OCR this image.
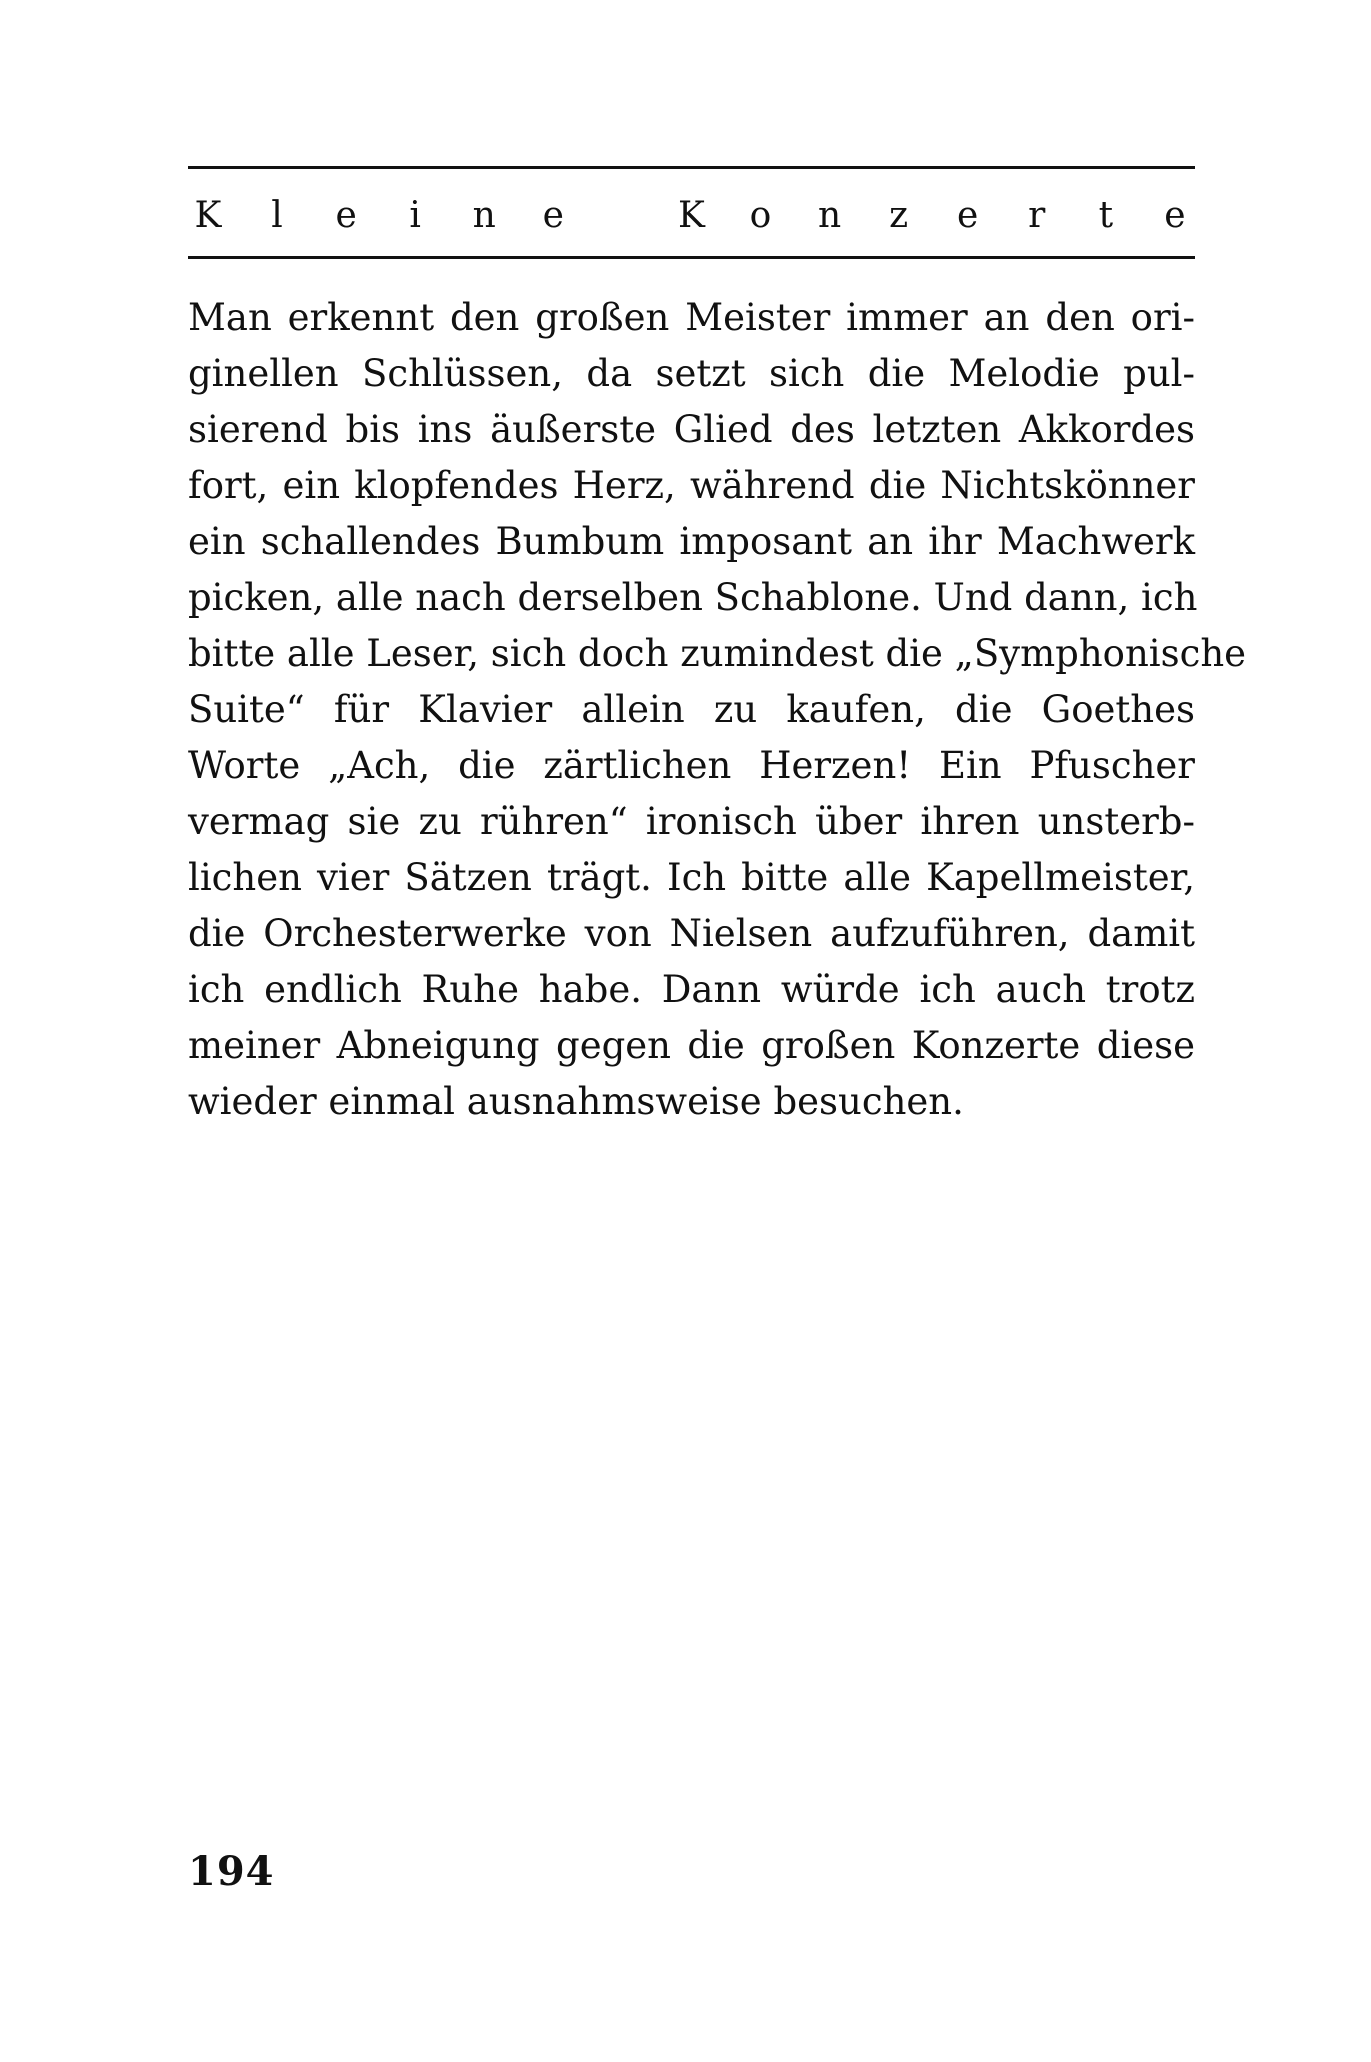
K	l	e	i	n e	K o n z e	r	t	e
Man erkennt den großen Meister immer an den ori-
ginellen Schlüssen, da setzt sich die Melodie pul-
sierend bis ins äußerste Glied des letzten Akkordes
fort, ein klopfendes Herz, während die Nichtskönner
ein schallendes Bumbum imposant an ihr Machwerk
picken, alle nach derselben Schablone. Und dann, ich
bitte alle Leser, sich doch zumindest die „Symphonische
Suite“ für Klavier allein zu kaufen, die Goethes
Worte „Ach, die zärtlichen Herzen! Ein Pfuscher
vermag sie zu rühren“ ironisch über ihren unsterb-
lichen vier Sätzen trägt. Ich bitte alle Kapellmeister,
die Orchesterwerke von Nielsen aufzuführen, damit
ich endlich Ruhe habe. Dann würde ich auch trotz
meiner Abneigung gegen die großen Konzerte diese
wieder einmal ausnahmsweise besuchen.
194
